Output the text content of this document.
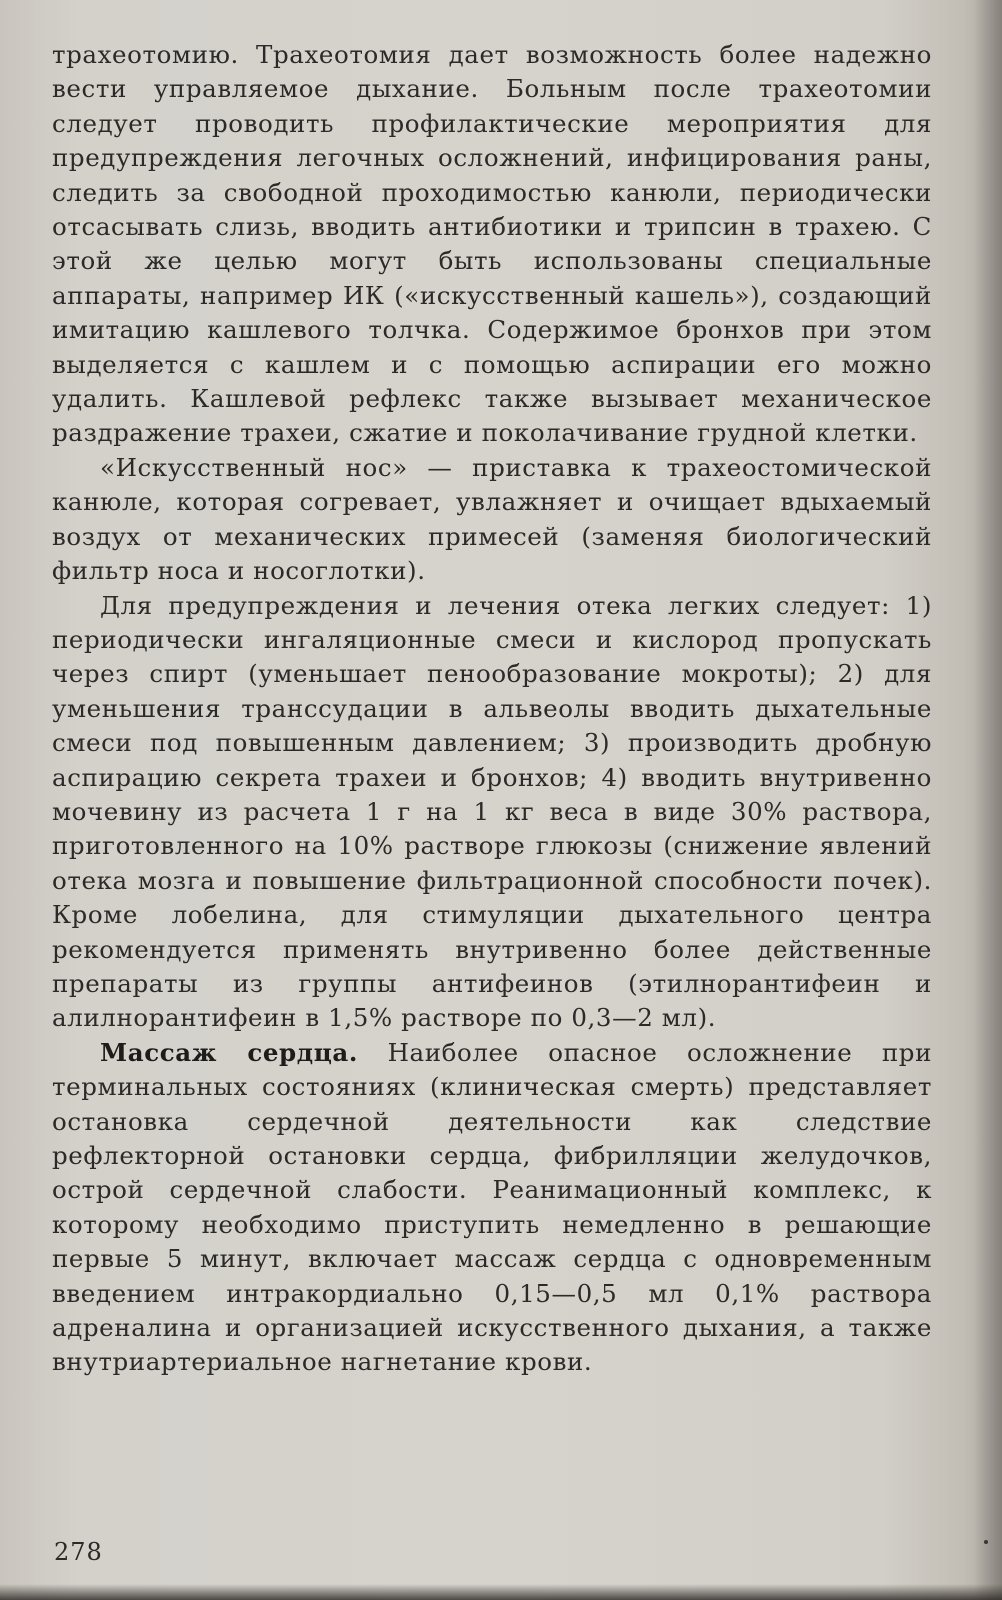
трахеотомию. Трахеотомия дает возможность более надежно вести управляемое дыхание. Больным после трахеотомии следует проводить профилактические мероприятия для предупреждения легочных осложнений, инфицирования раны, следить за свободной проходимостью канюли, периодически отсасывать слизь, вводить антибиотики и трипсин в трахею. С этой же целью могут быть использованы специальные аппараты, например ИК («искусственный кашель»), создающий имитацию кашлевого толчка. Содержимое бронхов при этом выделяется с кашлем и с помощью аспирации его можно удалить. Кашлевой рефлекс также вызывает механическое раздражение трахеи, сжатие и поколачивание грудной клетки.

«Искусственный нос» — приставка к трахеостомической канюле, которая согревает, увлажняет и очищает вдыхаемый воздух от механических примесей (заменяя биологический фильтр носа и носоглотки).

Для предупреждения и лечения отека легких следует: 1) периодически ингаляционные смеси и кислород пропускать через спирт (уменьшает пенообразование мокроты); 2) для уменьшения транссудации в альвеолы вводить дыхательные смеси под повышенным давлением; 3) производить дробную аспирацию секрета трахеи и бронхов; 4) вводить внутривенно мочевину из расчета 1 г на 1 кг веса в виде 30% раствора, приготовленного на 10% растворе глюкозы (снижение явлений отека мозга и повышение фильтрационной способности почек). Кроме лобелина, для стимуляции дыхательного центра рекомендуется применять внутривенно более действенные препараты из группы антифеинов (этилнорантифеин и алилнорантифеин в 1,5% растворе по 0,3—2 мл).

Массаж сердца. Наиболее опасное осложнение при терминальных состояниях (клиническая смерть) представляет остановка сердечной деятельности как следствие рефлекторной остановки сердца, фибрилляции желудочков, острой сердечной слабости. Реанимационный комплекс, к которому необходимо приступить немедленно в решающие первые 5 минут, включает массаж сердца с одновременным введением интракордиально 0,15—0,5 мл 0,1% раствора адреналина и организацией искусственного дыхания, а также внутриартериальное нагнетание крови.

278
